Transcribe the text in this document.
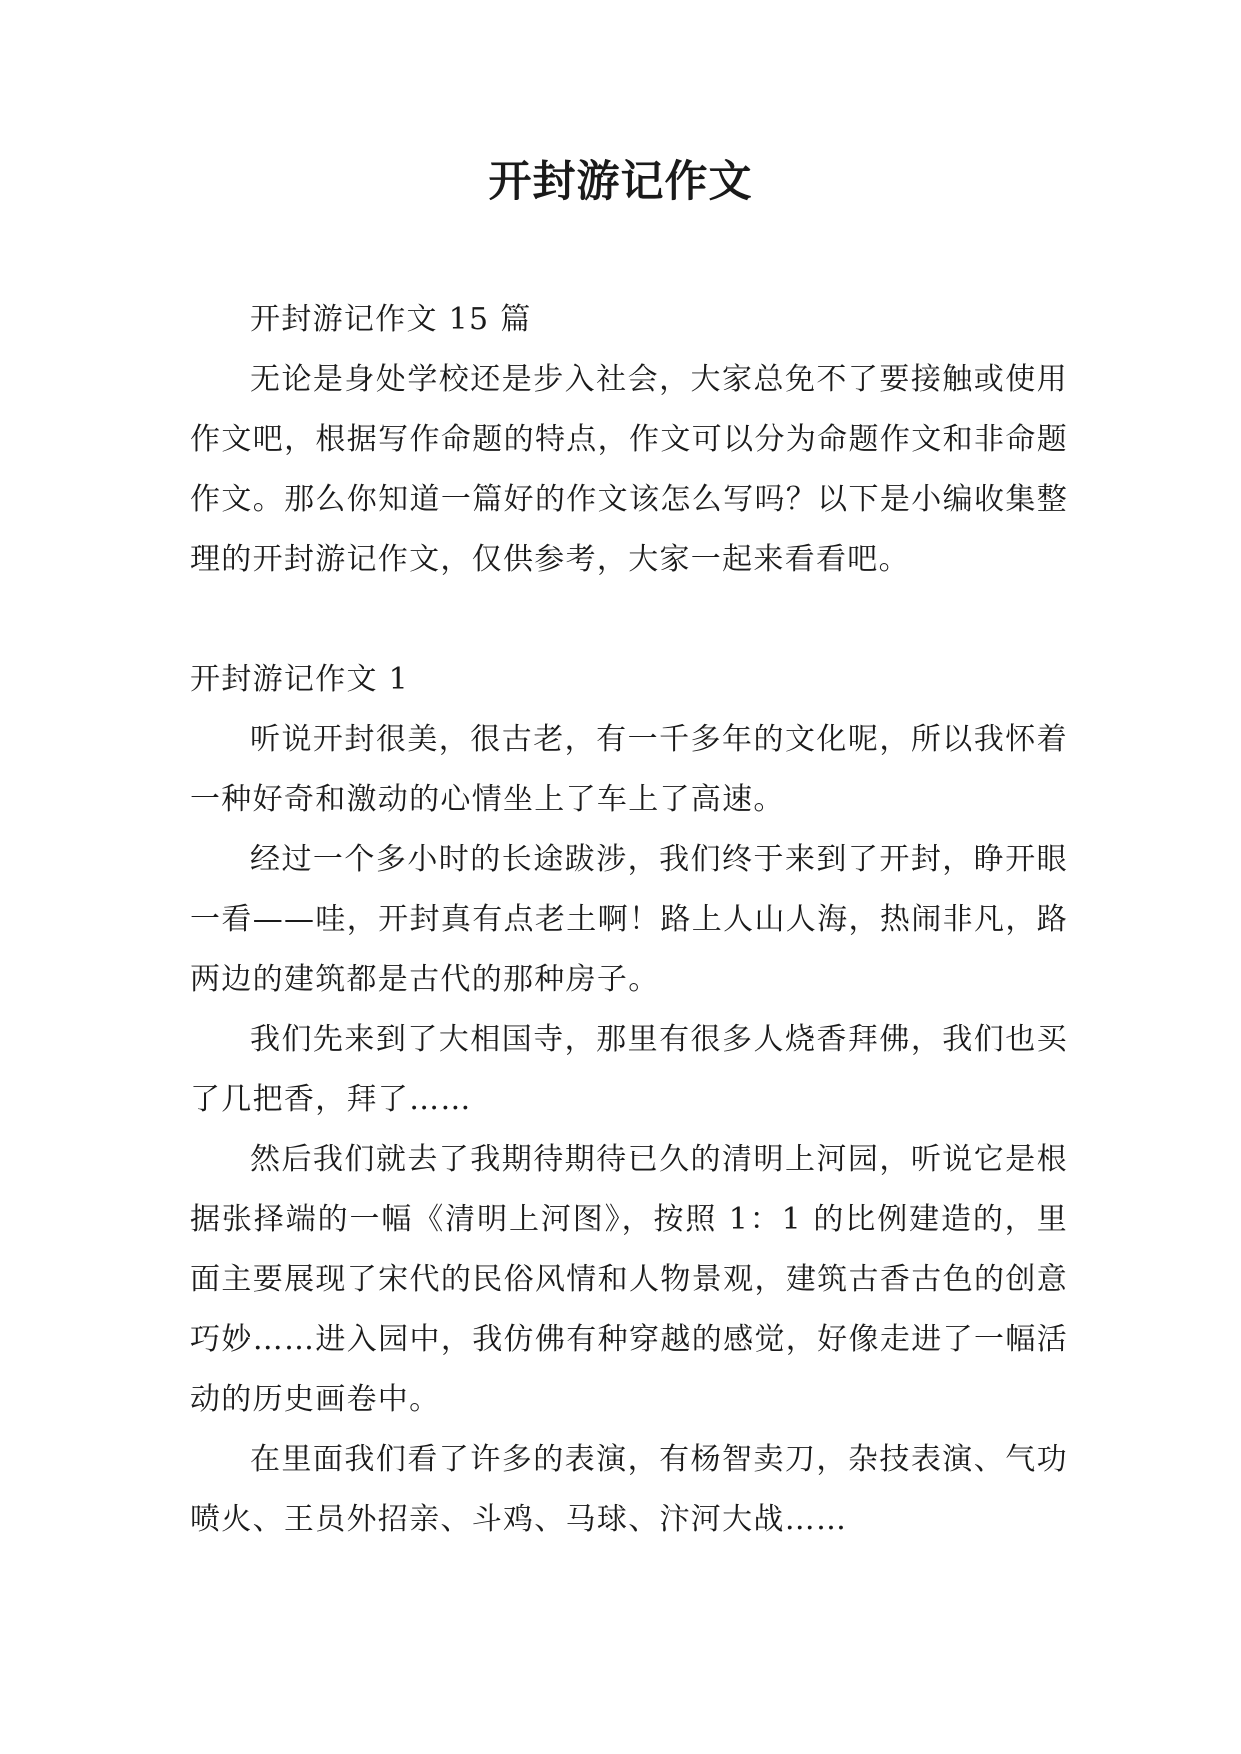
开封游记作文

开封游记作文 15 篇

无论是身处学校还是步入社会，大家总免不了要接触或使用作文吧，根据写作命题的特点，作文可以分为命题作文和非命题作文。那么你知道一篇好的作文该怎么写吗？以下是小编收集整理的开封游记作文，仅供参考，大家一起来看看吧。

开封游记作文 1

听说开封很美，很古老，有一千多年的文化呢，所以我怀着一种好奇和激动的心情坐上了车上了高速。

经过一个多小时的长途跋涉，我们终于来到了开封，睁开眼一看——哇，开封真有点老土啊！路上人山人海，热闹非凡，路两边的建筑都是古代的那种房子。

我们先来到了大相国寺，那里有很多人烧香拜佛，我们也买了几把香，拜了……

然后我们就去了我期待期待已久的清明上河园，听说它是根据张择端的一幅《清明上河图》，按照 1：1 的比例建造的，里面主要展现了宋代的民俗风情和人物景观，建筑古香古色的创意巧妙……进入园中，我仿佛有种穿越的感觉，好像走进了一幅活动的历史画卷中。

在里面我们看了许多的表演，有杨智卖刀，杂技表演、气功喷火、王员外招亲、斗鸡、马球、汴河大战……
